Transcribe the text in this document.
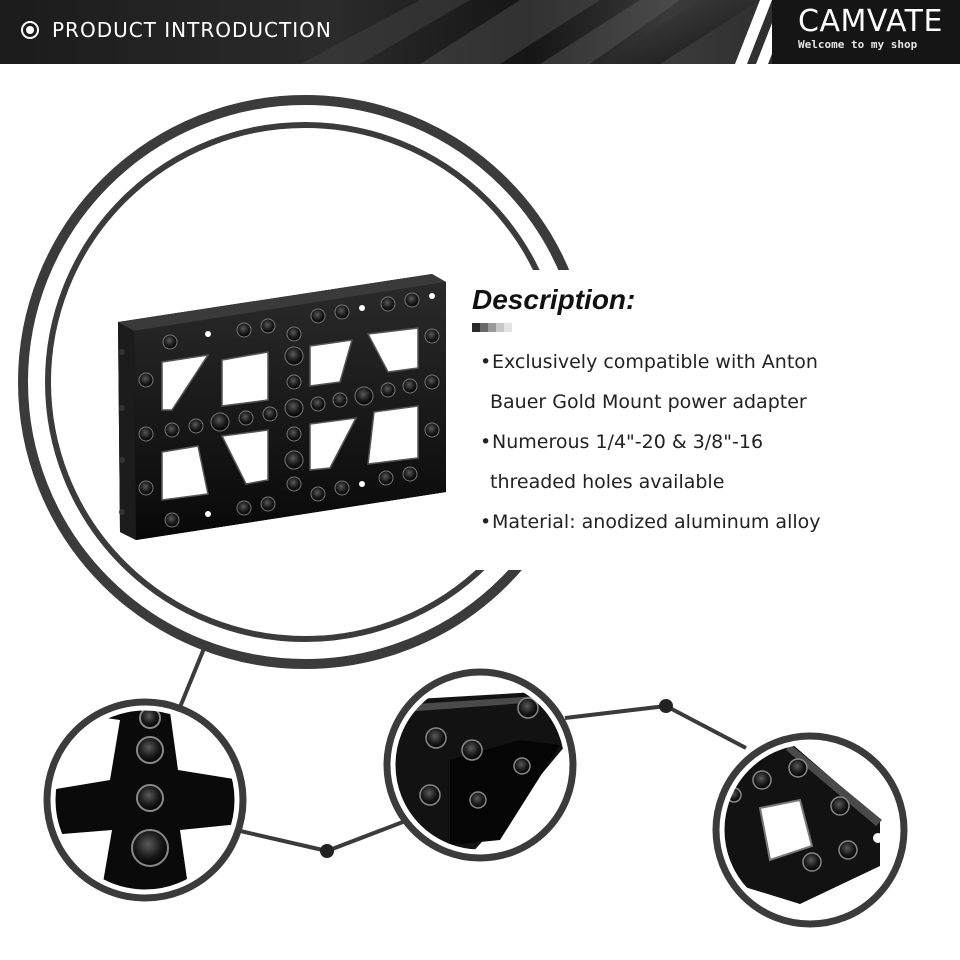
PRODUCT INTRODUCTION	CAMVATE
Welcome to my shop
Description:
•Exclusively compatible with Anton
Bauer Gold Mount power adapter
•Numerous 1/4"-20 & 3/8"-16
threaded holes available
•Material: anodized aluminum alloy
